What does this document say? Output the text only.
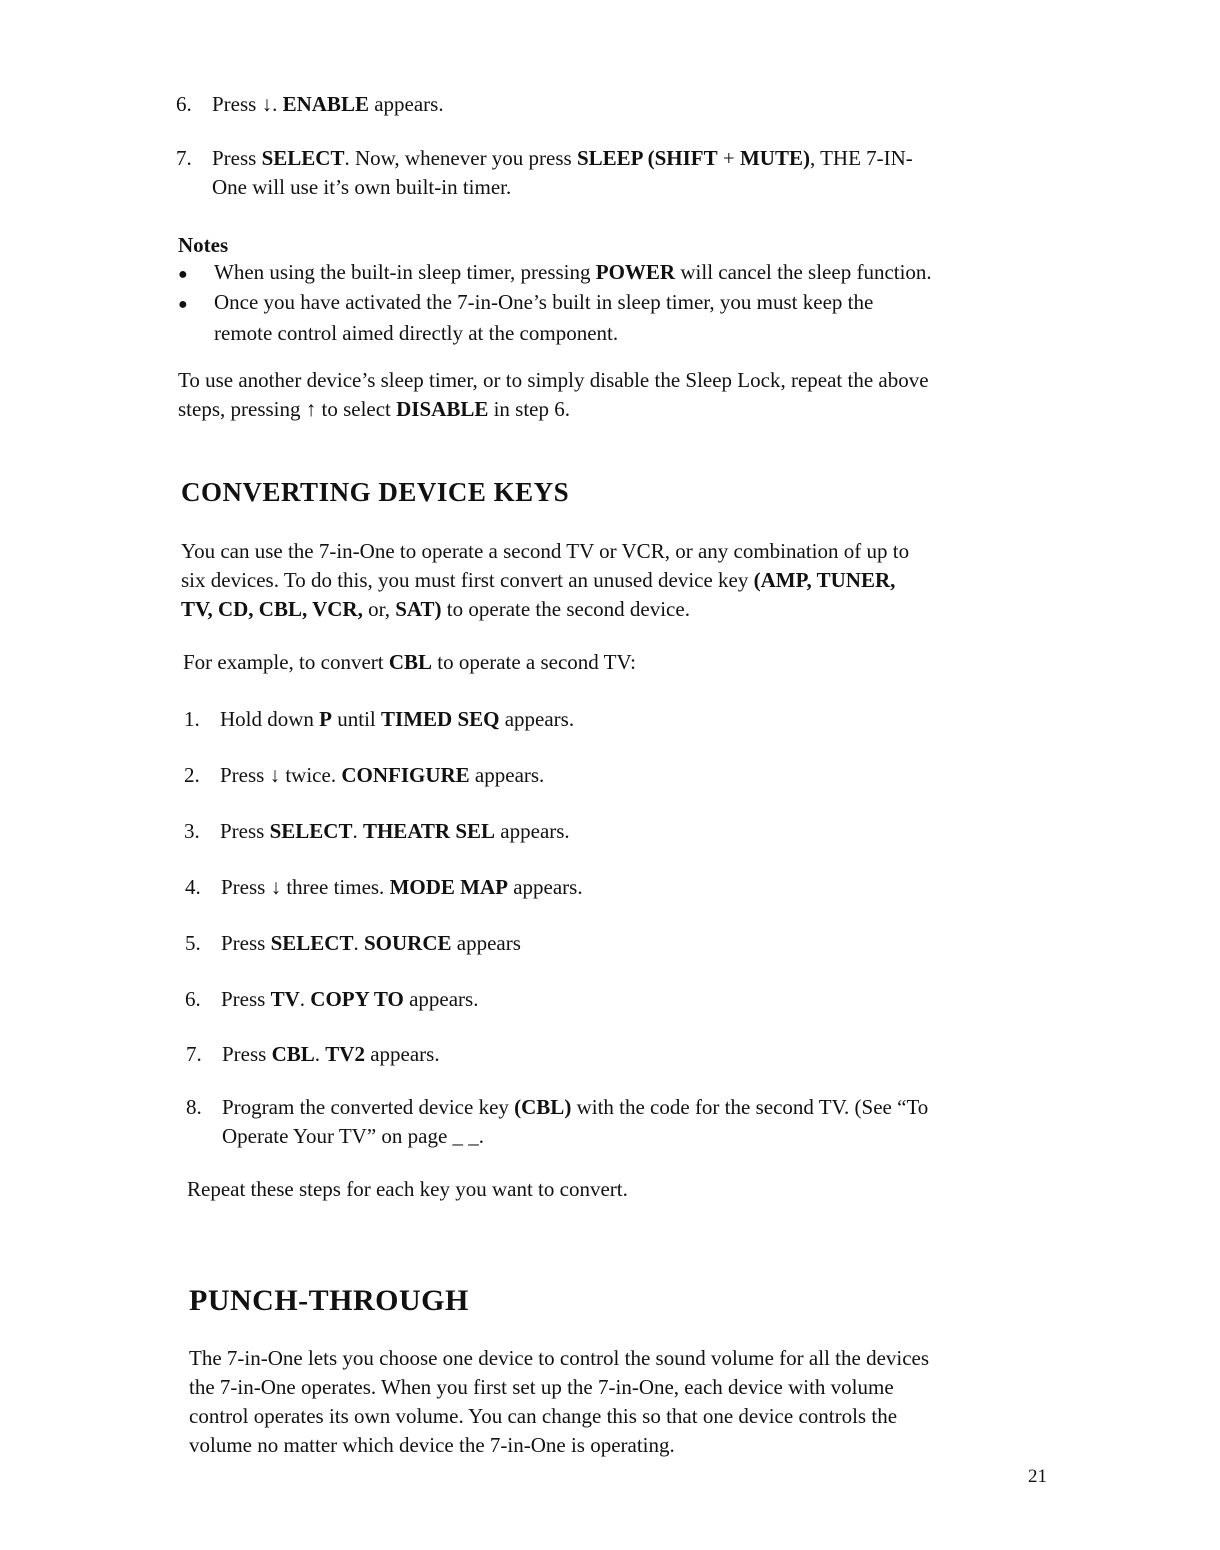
6. Press ↓. ENABLE appears.
7. Press SELECT. Now, whenever you press SLEEP (SHIFT + MUTE), THE 7-IN-
One will use it’s own built-in timer.
Notes
● When using the built-in sleep timer, pressing POWER will cancel the sleep function.
● Once you have activated the 7-in-One’s built in sleep timer, you must keep the
remote control aimed directly at the component.
To use another device’s sleep timer, or to simply disable the Sleep Lock, repeat the above
steps, pressing ↑ to select DISABLE in step 6.
CONVERTING DEVICE KEYS
You can use the 7-in-One to operate a second TV or VCR, or any combination of up to
six devices. To do this, you must first convert an unused device key (AMP, TUNER,
TV, CD, CBL, VCR, or, SAT) to operate the second device.
For example, to convert CBL to operate a second TV:
1. Hold down P until TIMED SEQ appears.
2. Press ↓ twice. CONFIGURE appears.
3. Press SELECT. THEATR SEL appears.
4. Press ↓ three times. MODE MAP appears.
5. Press SELECT. SOURCE appears
6. Press TV. COPY TO appears.
7. Press CBL. TV2 appears.
8. Program the converted device key (CBL) with the code for the second TV. (See “To
Operate Your TV” on page _ _.
Repeat these steps for each key you want to convert.
PUNCH-THROUGH
The 7-in-One lets you choose one device to control the sound volume for all the devices
the 7-in-One operates. When you first set up the 7-in-One, each device with volume
control operates its own volume. You can change this so that one device controls the
volume no matter which device the 7-in-One is operating.
21
